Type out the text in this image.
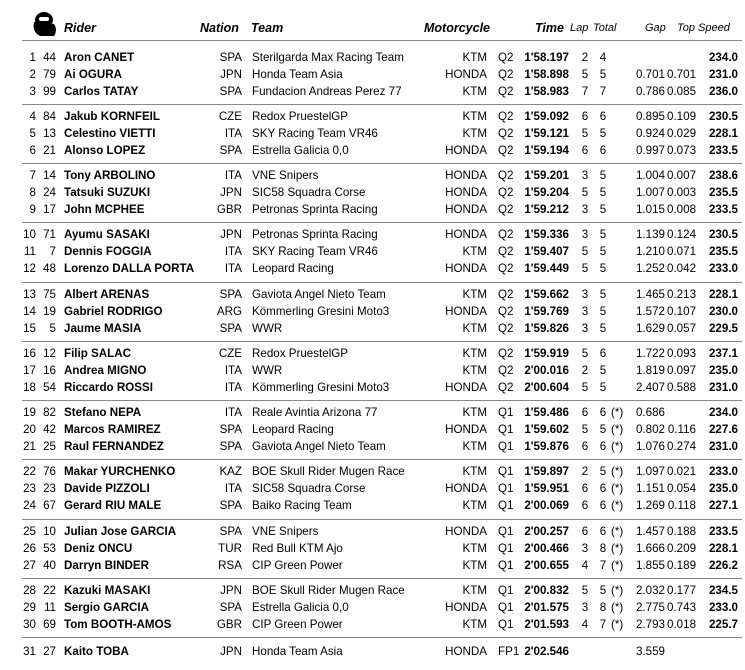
Rider	Nation Team	Motorcycle	Time Lap Total	Gap Top Speed
1 44 Aron CANET	SPA Sterilgarda Max Racing Team	KTM Q2 1'58.197 2 4	234.0
2 79 Ai OGURA	JPN Honda Team Asia	HONDA Q2 1'58.898 5 5	0.701 0.701	231.0
3 99 Carlos TATAY	SPA Fundacion Andreas Perez 77	KTM Q2 1'58.983 7 7	0.786 0.085	236.0
4 84 Jakub KORNFEIL	CZE Redox PruestelGP	KTM Q2 1'59.092 6 6	0.895 0.109	230.5
5 13 Celestino VIETTI	ITA SKY Racing Team VR46	KTM Q2 1'59.121 5 5	0.924 0.029	228.1
6 21 Alonso LOPEZ	SPA Estrella Galicia 0,0	HONDA Q2 1'59.194 6 6	0.997 0.073	233.5
7 14 Tony ARBOLINO	ITA VNE Snipers	HONDA Q2 1'59.201 3 5	1.004 0.007	238.6
8 24 Tatsuki SUZUKI	JPN SIC58 Squadra Corse	HONDA Q2 1'59.204 5 5	1.007 0.003	235.5
9 17 John MCPHEE	GBR Petronas Sprinta Racing	HONDA Q2 1'59.212 3 5	1.015 0.008	233.5
10 71 Ayumu SASAKI	JPN Petronas Sprinta Racing	HONDA Q2 1'59.336 3 5	1.139 0.124	230.5
11	7 Dennis FOGGIA	ITA SKY Racing Team VR46	KTM Q2 1'59.407 5 5	1.210 0.071	235.5
12 48 Lorenzo DALLA PORTA	ITA Leopard Racing	HONDA Q2 1'59.449 5 5	1.252 0.042	233.0
13 75 Albert ARENAS	SPA Gaviota Angel Nieto Team	KTM Q2 1'59.662 3 5	1.465 0.213	228.1
14 19 Gabriel RODRIGO	ARG Kömmerling Gresini Moto3	HONDA Q2 1'59.769 3 5	1.572 0.107	230.0
15	5 Jaume MASIA	SPA WWR	KTM Q2 1'59.826 3 5	1.629 0.057	229.5
16 12 Filip SALAC	CZE Redox PruestelGP	KTM Q2 1'59.919 5 6	1.722 0.093	237.1
17 16 Andrea MIGNO	ITA WWR	KTM Q2 2'00.016 2 5	1.819 0.097	235.0
18 54 Riccardo ROSSI	ITA Kömmerling Gresini Moto3	HONDA Q2 2'00.604 5 5	2.407 0.588	231.0
19 82 Stefano NEPA	ITA Reale Avintia Arizona 77	KTM Q1 1'59.486 6 6 (*)	0.686	234.0
20 42 Marcos RAMIREZ	SPA Leopard Racing	HONDA Q1 1'59.602 5 5 (*)	0.802 0.116	227.6
21 25 Raul FERNANDEZ	SPA Gaviota Angel Nieto Team	KTM Q1 1'59.876 6 6 (*)	1.076 0.274	231.0
22 76 Makar YURCHENKO	KAZ BOE Skull Rider Mugen Race	KTM Q1 1'59.897 2 5 (*)	1.097 0.021	233.0
23 23 Davide PIZZOLI	ITA SIC58 Squadra Corse	HONDA Q1 1'59.951 6 6 (*)	1.151 0.054	235.0
24 67 Gerard RIU MALE	SPA Baiko Racing Team	KTM Q1 2'00.069 6 6 (*)	1.269 0.118	227.1
25 10 Julian Jose GARCIA	SPA VNE Snipers	HONDA Q1 2'00.257 6 6 (*)	1.457 0.188	233.5
26 53 Deniz ONCU	TUR Red Bull KTM Ajo	KTM Q1 2'00.466 3 8 (*)	1.666 0.209	228.1
27 40 Darryn BINDER	RSA CIP Green Power	KTM Q1 2'00.655 4 7 (*)	1.855 0.189	226.2
28 22 Kazuki MASAKI	JPN BOE Skull Rider Mugen Race	KTM Q1 2'00.832 5 5 (*)	2.032 0.177	234.5
29 11 Sergio GARCIA	SPA Estrella Galicia 0,0	HONDA Q1 2'01.575 3 8 (*)	2.775 0.743	233.0
30 69 Tom BOOTH-AMOS	GBR CIP Green Power	KTM Q1 2'01.593 4 7 (*)	2.793 0.018	225.7
31 27 Kaito TOBA	JPN Honda Team Asia	HONDA FP1 2'02.546	3.559
